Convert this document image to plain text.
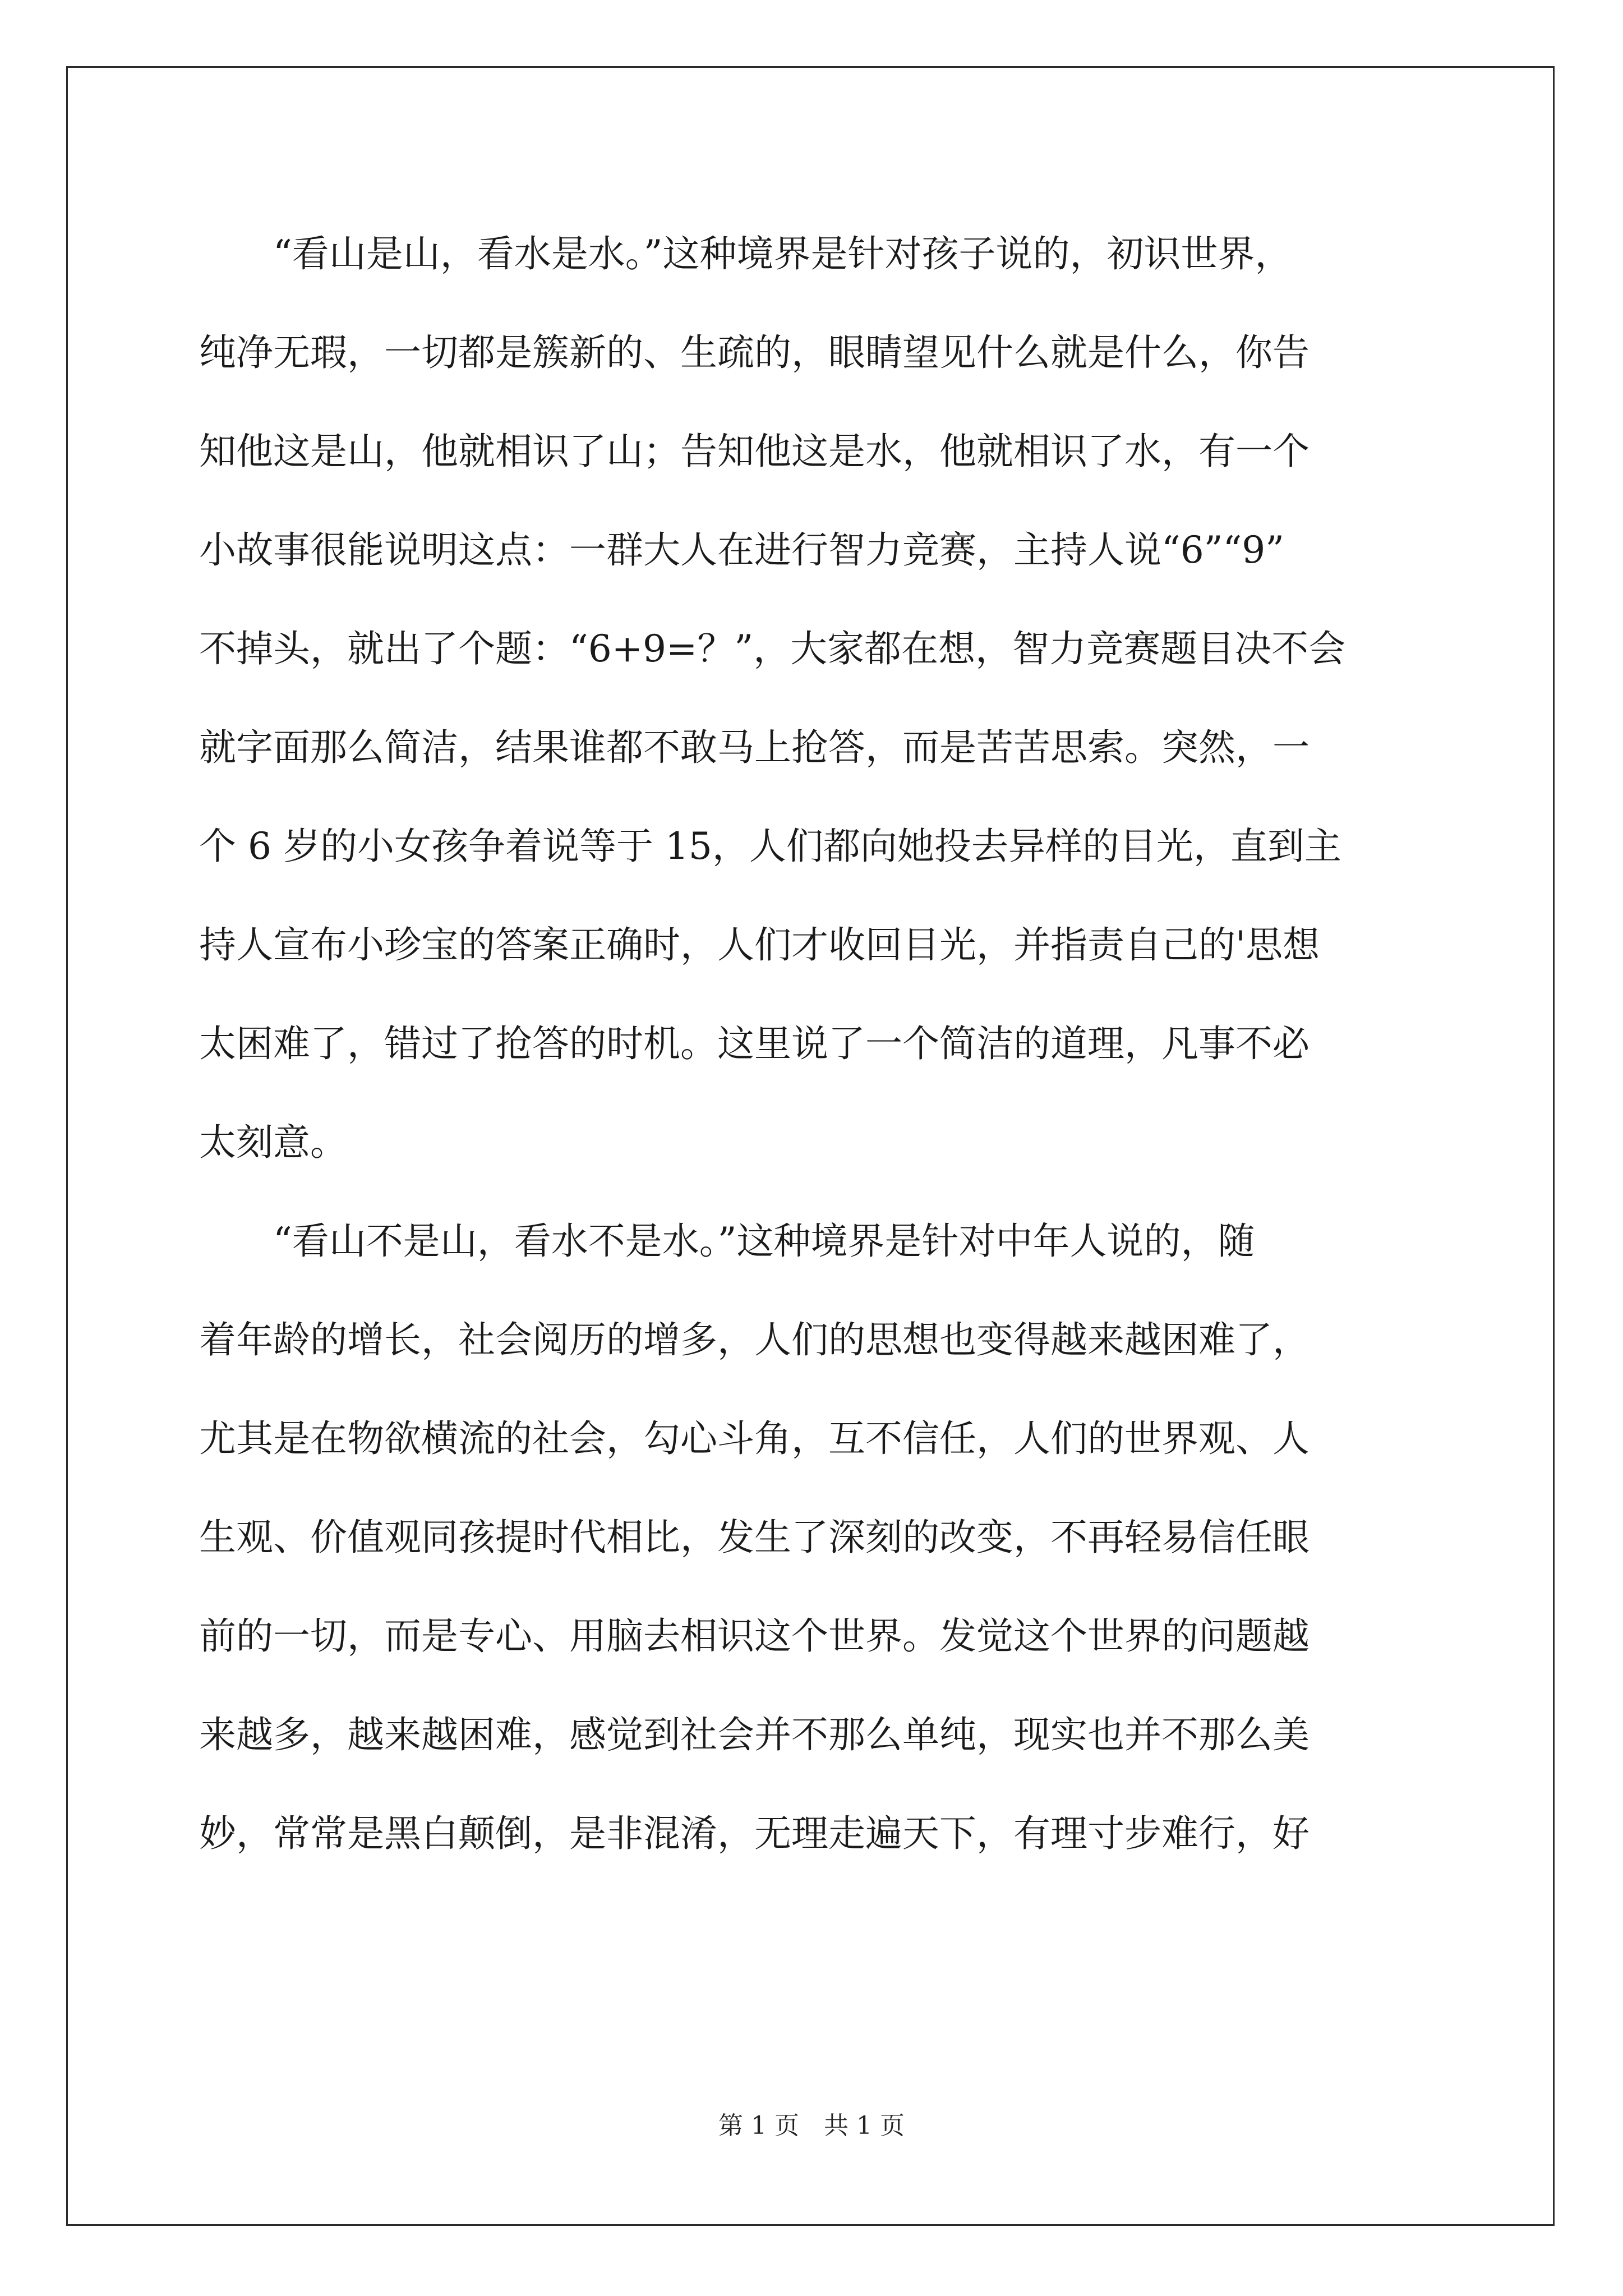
“看山是山，看水是水。”这种境界是针对孩子说的，初识世界，
纯净无瑕，一切都是簇新的、生疏的，眼睛望见什么就是什么，你告
知他这是山，他就相识了山；告知他这是水，他就相识了水，有一个
小故事很能说明这点：一群大人在进行智力竞赛，主持人说“6”“9”
不掉头，就出了个题：“6+9=？”，大家都在想，智力竞赛题目决不会
就字面那么简洁，结果谁都不敢马上抢答，而是苦苦思索。突然，一
个 6 岁的小女孩争着说等于 15，人们都向她投去异样的目光，直到主
持人宣布小珍宝的答案正确时，人们才收回目光，并指责自己的'思想
太困难了，错过了抢答的时机。这里说了一个简洁的道理，凡事不必
太刻意。
“看山不是山，看水不是水。”这种境界是针对中年人说的，随
着年龄的增长，社会阅历的增多，人们的思想也变得越来越困难了，
尤其是在物欲横流的社会，勾心斗角，互不信任，人们的世界观、人
生观、价值观同孩提时代相比，发生了深刻的改变，不再轻易信任眼
前的一切，而是专心、用脑去相识这个世界。发觉这个世界的问题越
来越多，越来越困难，感觉到社会并不那么单纯，现实也并不那么美
妙，常常是黑白颠倒，是非混淆，无理走遍天下，有理寸步难行，好
第 1 页　共 1 页
